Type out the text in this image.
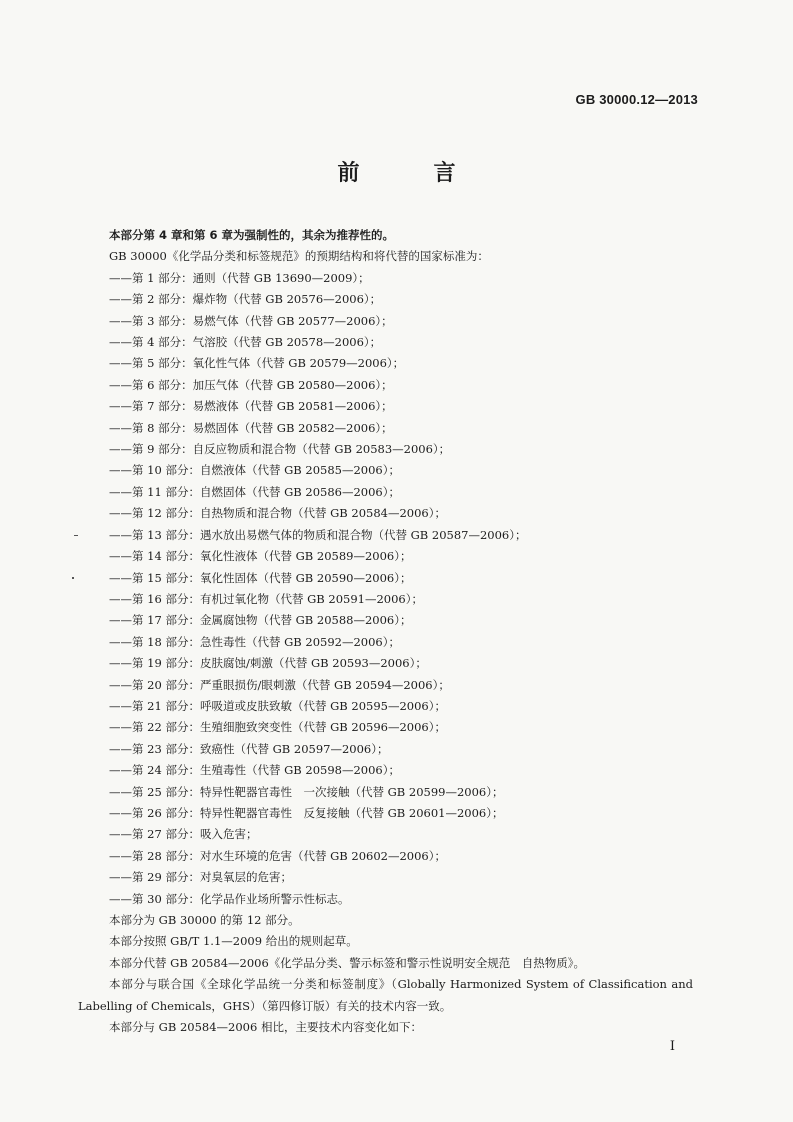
GB 30000.12—2013
前　言
本部分第 4 章和第 6 章为强制性的，其余为推荐性的。
GB 30000《化学品分类和标签规范》的预期结构和将代替的国家标准为：
——第 1 部分：通则（代替 GB 13690—2009）；
——第 2 部分：爆炸物（代替 GB 20576—2006）；
——第 3 部分：易燃气体（代替 GB 20577—2006）；
——第 4 部分：气溶胶（代替 GB 20578—2006）；
——第 5 部分：氧化性气体（代替 GB 20579—2006）；
——第 6 部分：加压气体（代替 GB 20580—2006）；
——第 7 部分：易燃液体（代替 GB 20581—2006）；
——第 8 部分：易燃固体（代替 GB 20582—2006）；
——第 9 部分：自反应物质和混合物（代替 GB 20583—2006）；
——第 10 部分：自燃液体（代替 GB 20585—2006）；
——第 11 部分：自燃固体（代替 GB 20586—2006）；
——第 12 部分：自热物质和混合物（代替 GB 20584—2006）；
——第 13 部分：遇水放出易燃气体的物质和混合物（代替 GB 20587—2006）；
——第 14 部分：氧化性液体（代替 GB 20589—2006）；
——第 15 部分：氧化性固体（代替 GB 20590—2006）；
——第 16 部分：有机过氧化物（代替 GB 20591—2006）；
——第 17 部分：金属腐蚀物（代替 GB 20588—2006）；
——第 18 部分：急性毒性（代替 GB 20592—2006）；
——第 19 部分：皮肤腐蚀/刺激（代替 GB 20593—2006）；
——第 20 部分：严重眼损伤/眼刺激（代替 GB 20594—2006）；
——第 21 部分：呼吸道或皮肤致敏（代替 GB 20595—2006）；
——第 22 部分：生殖细胞致突变性（代替 GB 20596—2006）；
——第 23 部分：致癌性（代替 GB 20597—2006）；
——第 24 部分：生殖毒性（代替 GB 20598—2006）；
——第 25 部分：特异性靶器官毒性　一次接触（代替 GB 20599—2006）；
——第 26 部分：特异性靶器官毒性　反复接触（代替 GB 20601—2006）；
——第 27 部分：吸入危害；
——第 28 部分：对水生环境的危害（代替 GB 20602—2006）；
——第 29 部分：对臭氧层的危害；
——第 30 部分：化学品作业场所警示性标志。
本部分为 GB 30000 的第 12 部分。
本部分按照 GB/T 1.1—2009 给出的规则起草。
本部分代替 GB 20584—2006《化学品分类、警示标签和警示性说明安全规范　自热物质》。
本部分与联合国《全球化学品统一分类和标签制度》（Globally Harmonized System of Classification and Labelling of Chemicals，GHS）（第四修订版）有关的技术内容一致。
本部分与 GB 20584—2006 相比，主要技术内容变化如下：
I
